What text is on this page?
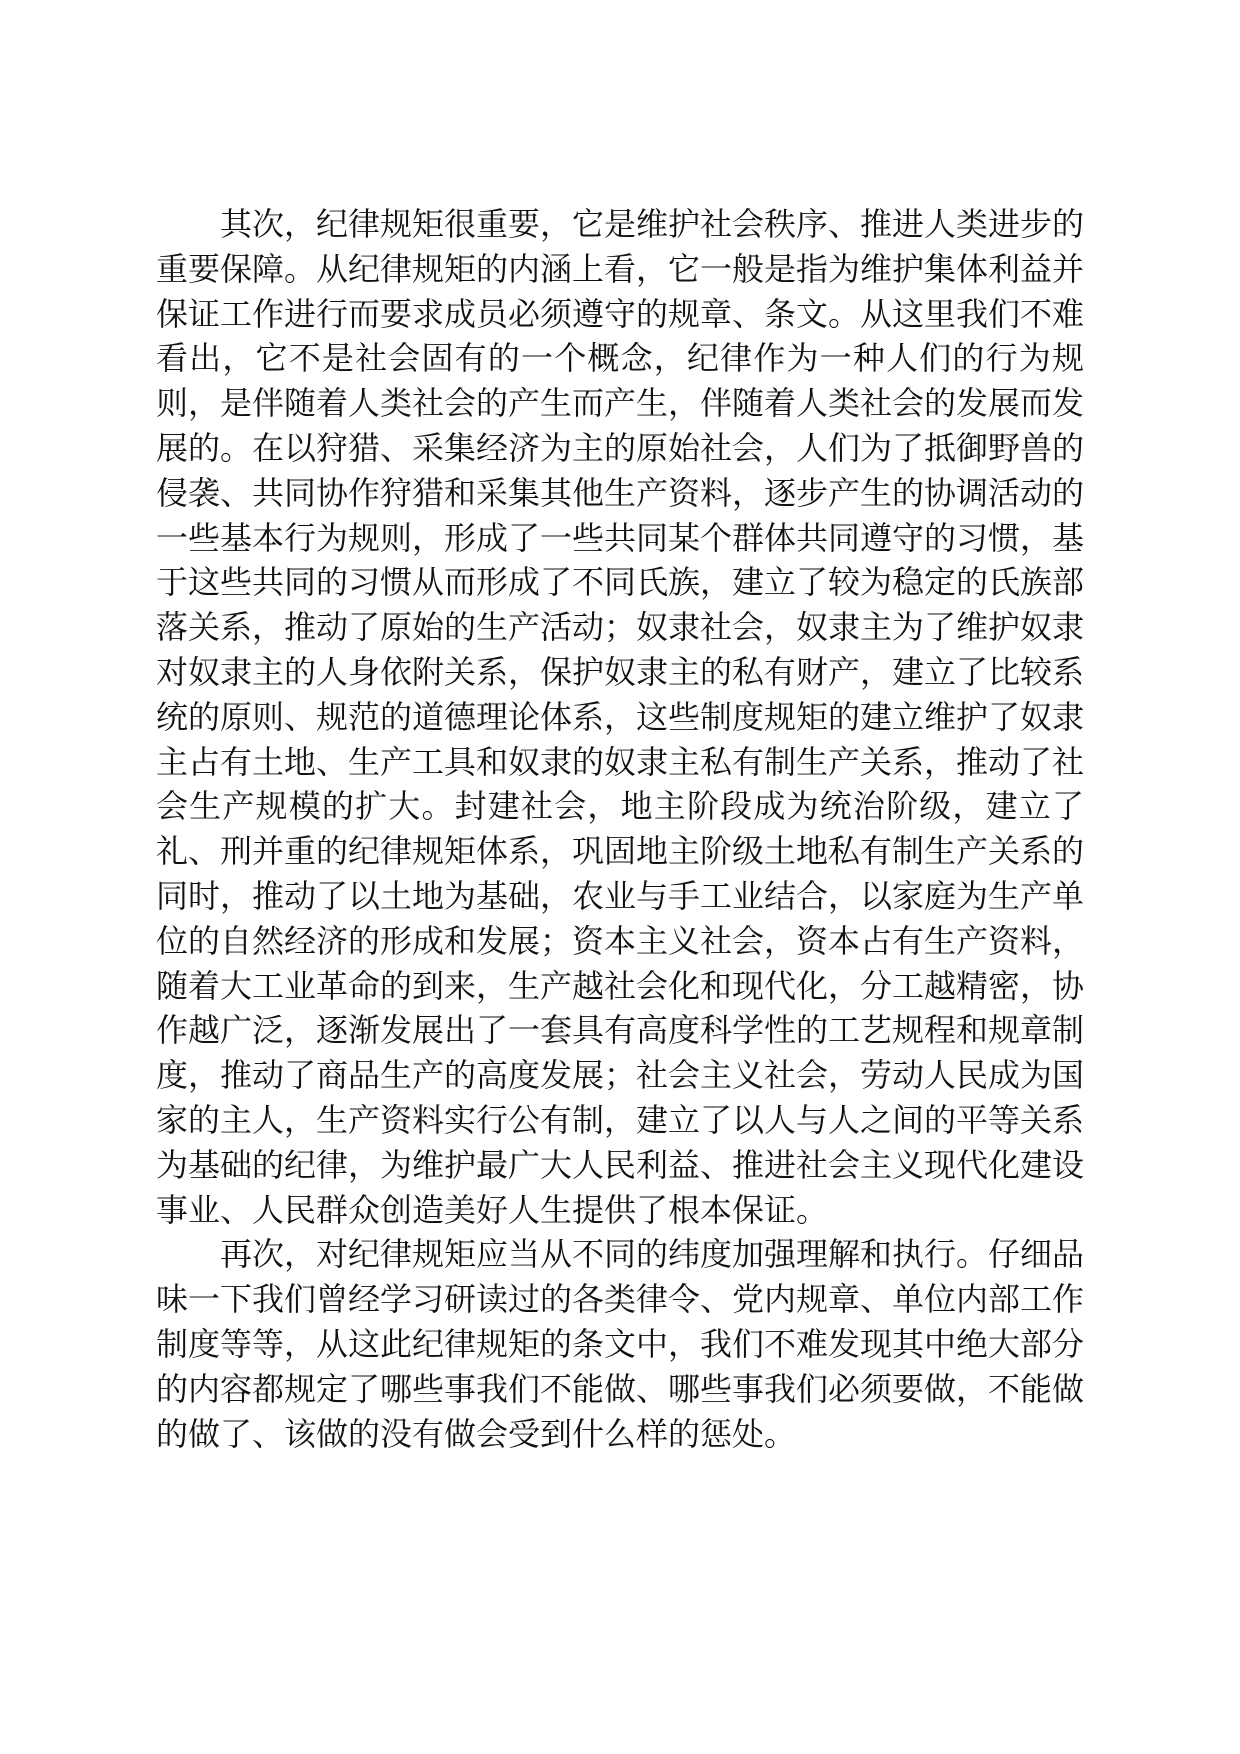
其次，纪律规矩很重要，它是维护社会秩序、推进人类进步的重要保障。从纪律规矩的内涵上看，它一般是指为维护集体利益并保证工作进行而要求成员必须遵守的规章、条文。从这里我们不难看出，它不是社会固有的一个概念，纪律作为一种人们的行为规则，是伴随着人类社会的产生而产生，伴随着人类社会的发展而发展的。在以狩猎、采集经济为主的原始社会，人们为了抵御野兽的侵袭、共同协作狩猎和采集其他生产资料，逐步产生的协调活动的一些基本行为规则，形成了一些共同某个群体共同遵守的习惯，基于这些共同的习惯从而形成了不同氏族，建立了较为稳定的氏族部落关系，推动了原始的生产活动；奴隶社会，奴隶主为了维护奴隶对奴隶主的人身依附关系，保护奴隶主的私有财产，建立了比较系统的原则、规范的道德理论体系，这些制度规矩的建立维护了奴隶主占有土地、生产工具和奴隶的奴隶主私有制生产关系，推动了社会生产规模的扩大。封建社会，地主阶段成为统治阶级，建立了礼、刑并重的纪律规矩体系，巩固地主阶级土地私有制生产关系的同时，推动了以土地为基础，农业与手工业结合，以家庭为生产单位的自然经济的形成和发展；资本主义社会，资本占有生产资料，随着大工业革命的到来，生产越社会化和现代化，分工越精密，协作越广泛，逐渐发展出了一套具有高度科学性的工艺规程和规章制度，推动了商品生产的高度发展；社会主义社会，劳动人民成为国家的主人，生产资料实行公有制，建立了以人与人之间的平等关系为基础的纪律，为维护最广大人民利益、推进社会主义现代化建设事业、人民群众创造美好人生提供了根本保证。

再次，对纪律规矩应当从不同的纬度加强理解和执行。仔细品味一下我们曾经学习研读过的各类律令、党内规章、单位内部工作制度等等，从这此纪律规矩的条文中，我们不难发现其中绝大部分的内容都规定了哪些事我们不能做、哪些事我们必须要做，不能做的做了、该做的没有做会受到什么样的惩处。
